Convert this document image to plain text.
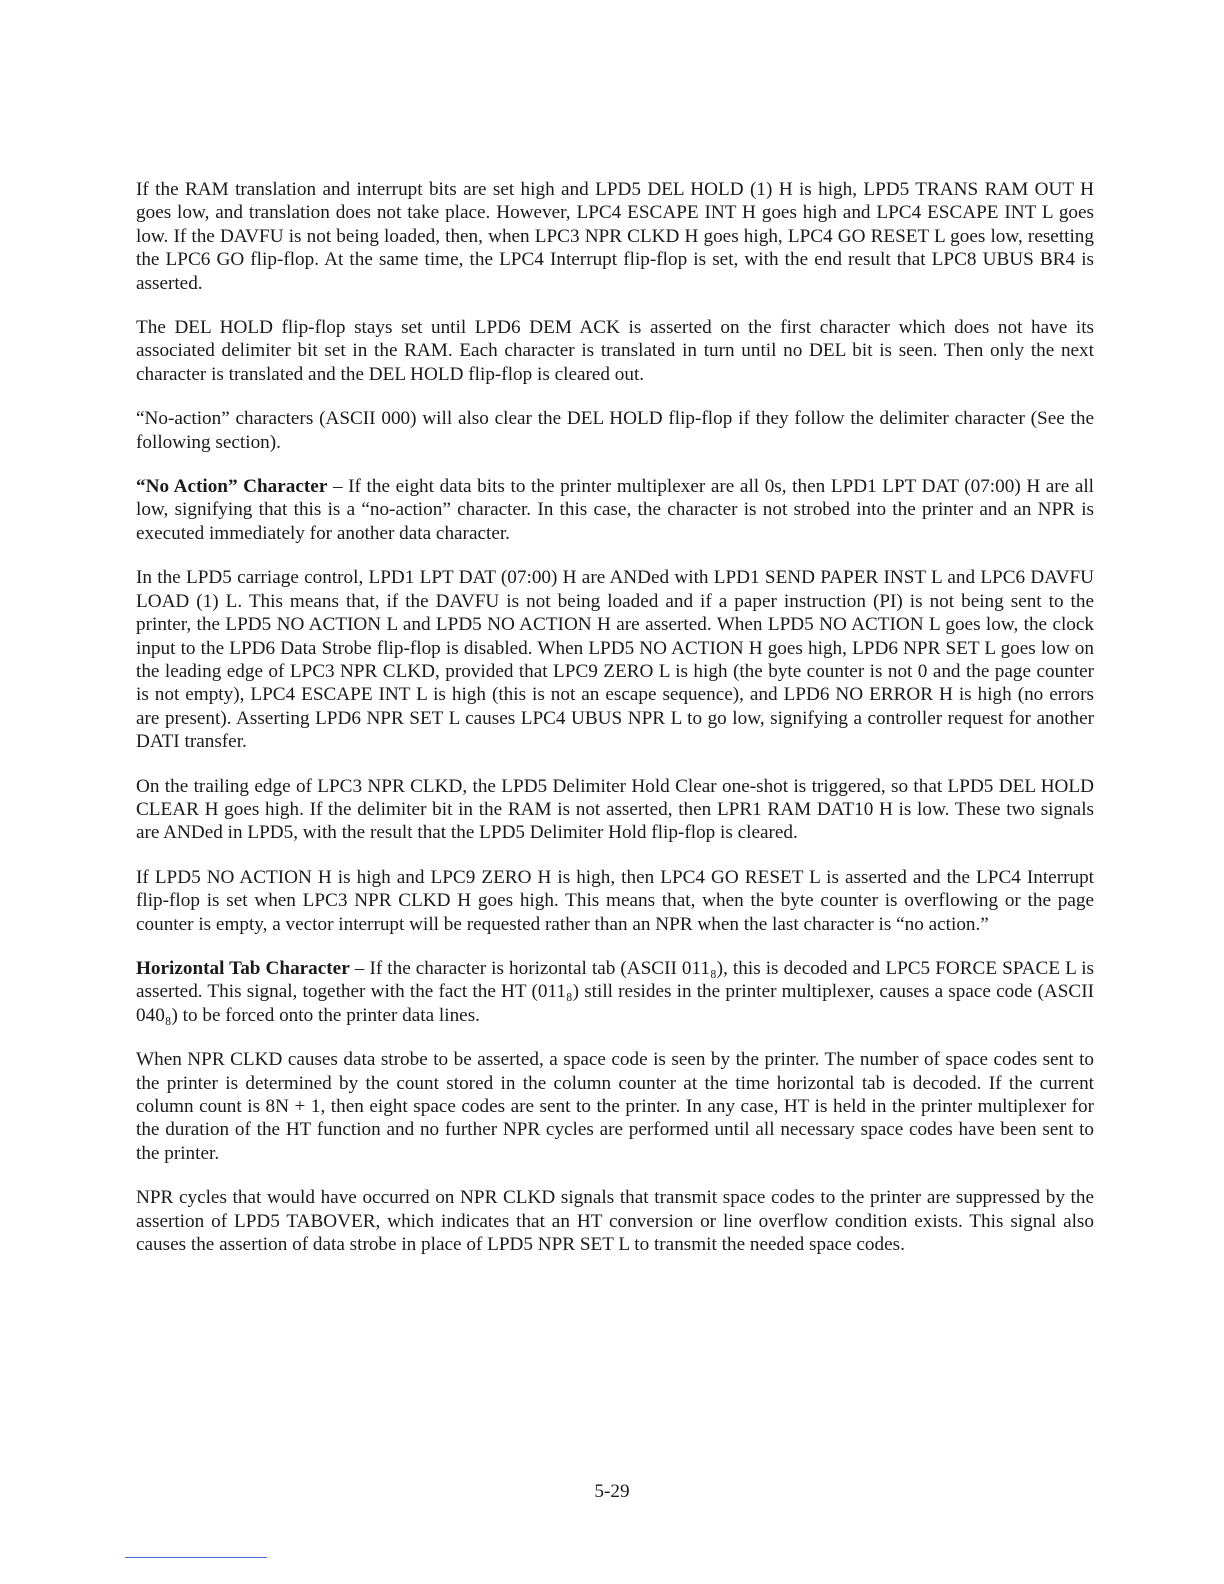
If the RAM translation and interrupt bits are set high and LPD5 DEL HOLD (1) H is high, LPD5 TRANS RAM OUT H goes low, and translation does not take place. However, LPC4 ESCAPE INT H goes high and LPC4 ESCAPE INT L goes low. If the DAVFU is not being loaded, then, when LPC3 NPR CLKD H goes high, LPC4 GO RESET L goes low, resetting the LPC6 GO flip-flop. At the same time, the LPC4 Interrupt flip-flop is set, with the end result that LPC8 UBUS BR4 is asserted.

The DEL HOLD flip-flop stays set until LPD6 DEM ACK is asserted on the first character which does not have its associated delimiter bit set in the RAM. Each character is translated in turn until no DEL bit is seen. Then only the next character is translated and the DEL HOLD flip-flop is cleared out.

“No-action” characters (ASCII 000) will also clear the DEL HOLD flip-flop if they follow the delimiter character (See the following section).

“No Action” Character – If the eight data bits to the printer multiplexer are all 0s, then LPD1 LPT DAT (07:00) H are all low, signifying that this is a “no-action” character. In this case, the character is not strobed into the printer and an NPR is executed immediately for another data character.

In the LPD5 carriage control, LPD1 LPT DAT (07:00) H are ANDed with LPD1 SEND PAPER INST L and LPC6 DAVFU LOAD (1) L. This means that, if the DAVFU is not being loaded and if a paper instruction (PI) is not being sent to the printer, the LPD5 NO ACTION L and LPD5 NO ACTION H are asserted. When LPD5 NO ACTION L goes low, the clock input to the LPD6 Data Strobe flip-flop is disabled. When LPD5 NO ACTION H goes high, LPD6 NPR SET L goes low on the leading edge of LPC3 NPR CLKD, provided that LPC9 ZERO L is high (the byte counter is not 0 and the page counter is not empty), LPC4 ESCAPE INT L is high (this is not an escape sequence), and LPD6 NO ERROR H is high (no errors are present). Asserting LPD6 NPR SET L causes LPC4 UBUS NPR L to go low, signifying a controller request for another DATI transfer.

On the trailing edge of LPC3 NPR CLKD, the LPD5 Delimiter Hold Clear one-shot is triggered, so that LPD5 DEL HOLD CLEAR H goes high. If the delimiter bit in the RAM is not asserted, then LPR1 RAM DAT10 H is low. These two signals are ANDed in LPD5, with the result that the LPD5 Delimiter Hold flip-flop is cleared.

If LPD5 NO ACTION H is high and LPC9 ZERO H is high, then LPC4 GO RESET L is asserted and the LPC4 Interrupt flip-flop is set when LPC3 NPR CLKD H goes high. This means that, when the byte counter is overflowing or the page counter is empty, a vector interrupt will be requested rather than an NPR when the last character is “no action.”

Horizontal Tab Character – If the character is horizontal tab (ASCII 011₈), this is decoded and LPC5 FORCE SPACE L is asserted. This signal, together with the fact the HT (011₈) still resides in the printer multiplexer, causes a space code (ASCII 040₈) to be forced onto the printer data lines.

When NPR CLKD causes data strobe to be asserted, a space code is seen by the printer. The number of space codes sent to the printer is determined by the count stored in the column counter at the time horizontal tab is decoded. If the current column count is 8N + 1, then eight space codes are sent to the printer. In any case, HT is held in the printer multiplexer for the duration of the HT function and no further NPR cycles are performed until all necessary space codes have been sent to the printer.

NPR cycles that would have occurred on NPR CLKD signals that transmit space codes to the printer are suppressed by the assertion of LPD5 TABOVER, which indicates that an HT conversion or line overflow condition exists. This signal also causes the assertion of data strobe in place of LPD5 NPR SET L to transmit the needed space codes.

5-29
